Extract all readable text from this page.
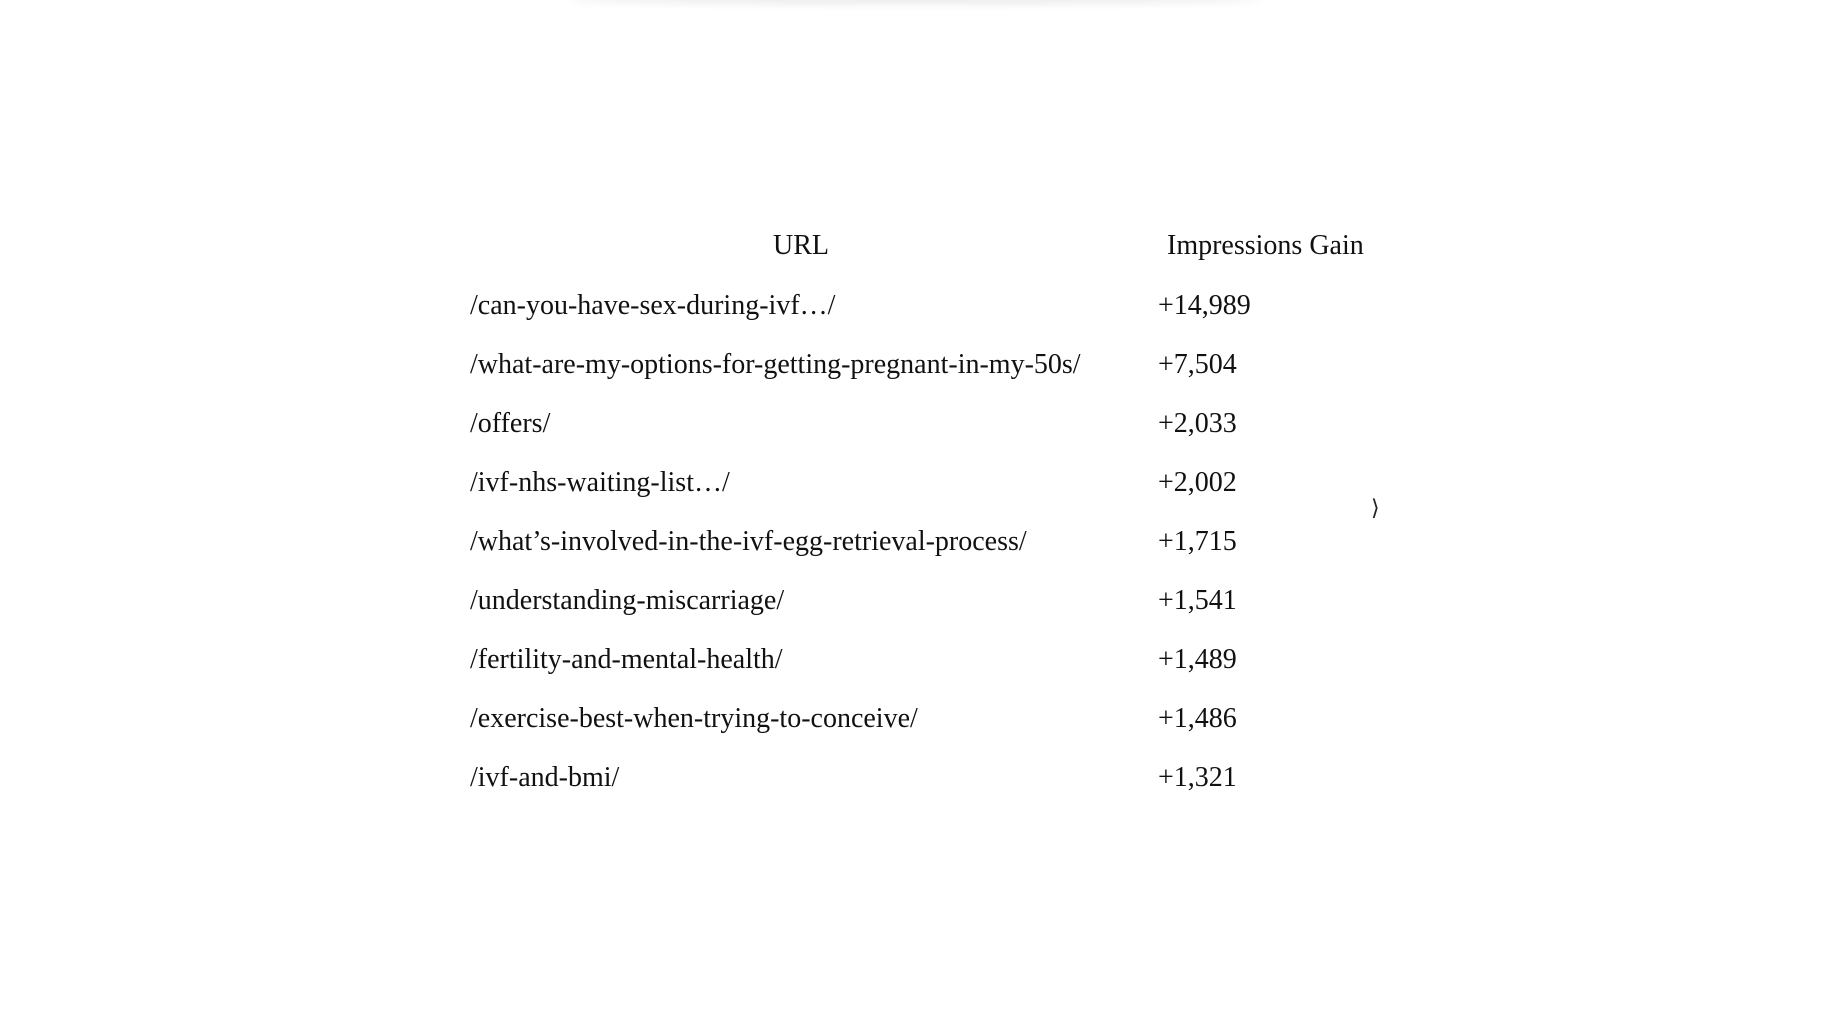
URL	Impressions Gain
/can-you-have-sex-during-ivf…/	+14,989
/what-are-my-options-for-getting-pregnant-in-my-50s/	+7,504
/offers/	+2,033
/ivf-nhs-waiting-list…/	+2,002
/what’s-involved-in-the-ivf-egg-retrieval-process/	+1,715
/understanding-miscarriage/	+1,541
/fertility-and-mental-health/	+1,489
/exercise-best-when-trying-to-conceive/	+1,486
/ivf-and-bmi/	+1,321
⟩
